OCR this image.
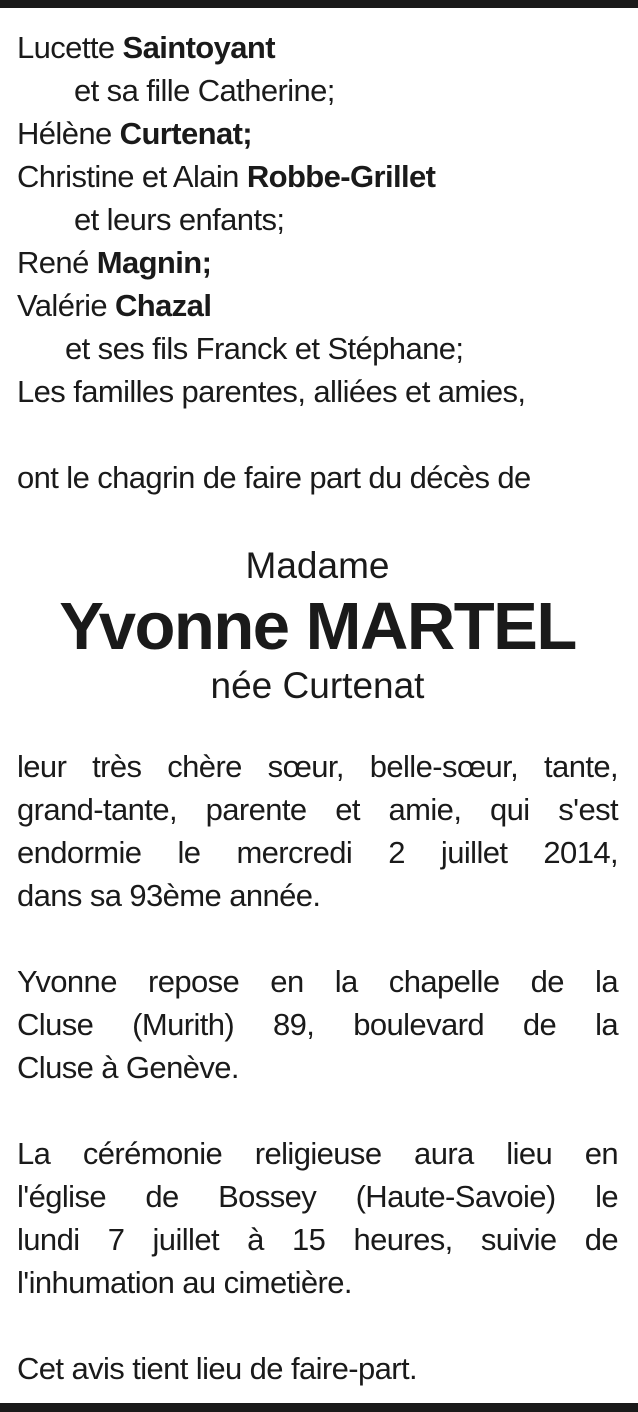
Lucette Saintoyant
et sa fille Catherine;
Hélène Curtenat;
Christine et Alain Robbe-Grillet
et leurs enfants;
René Magnin;
Valérie Chazal
et ses fils Franck et Stéphane;
Les familles parentes, alliées et amies,
ont le chagrin de faire part du décès de
Madame
Yvonne MARTEL
née Curtenat
leur très chère sœur, belle-sœur, tante,
grand-tante, parente et amie, qui s'est
endormie le mercredi 2 juillet 2014,
dans sa 93ème année.
Yvonne repose en la chapelle de la
Cluse (Murith) 89, boulevard de la
Cluse à Genève.
La cérémonie religieuse aura lieu en
l'église de Bossey (Haute-Savoie) le
lundi 7 juillet à 15 heures, suivie de
l'inhumation au cimetière.
Cet avis tient lieu de faire-part.
